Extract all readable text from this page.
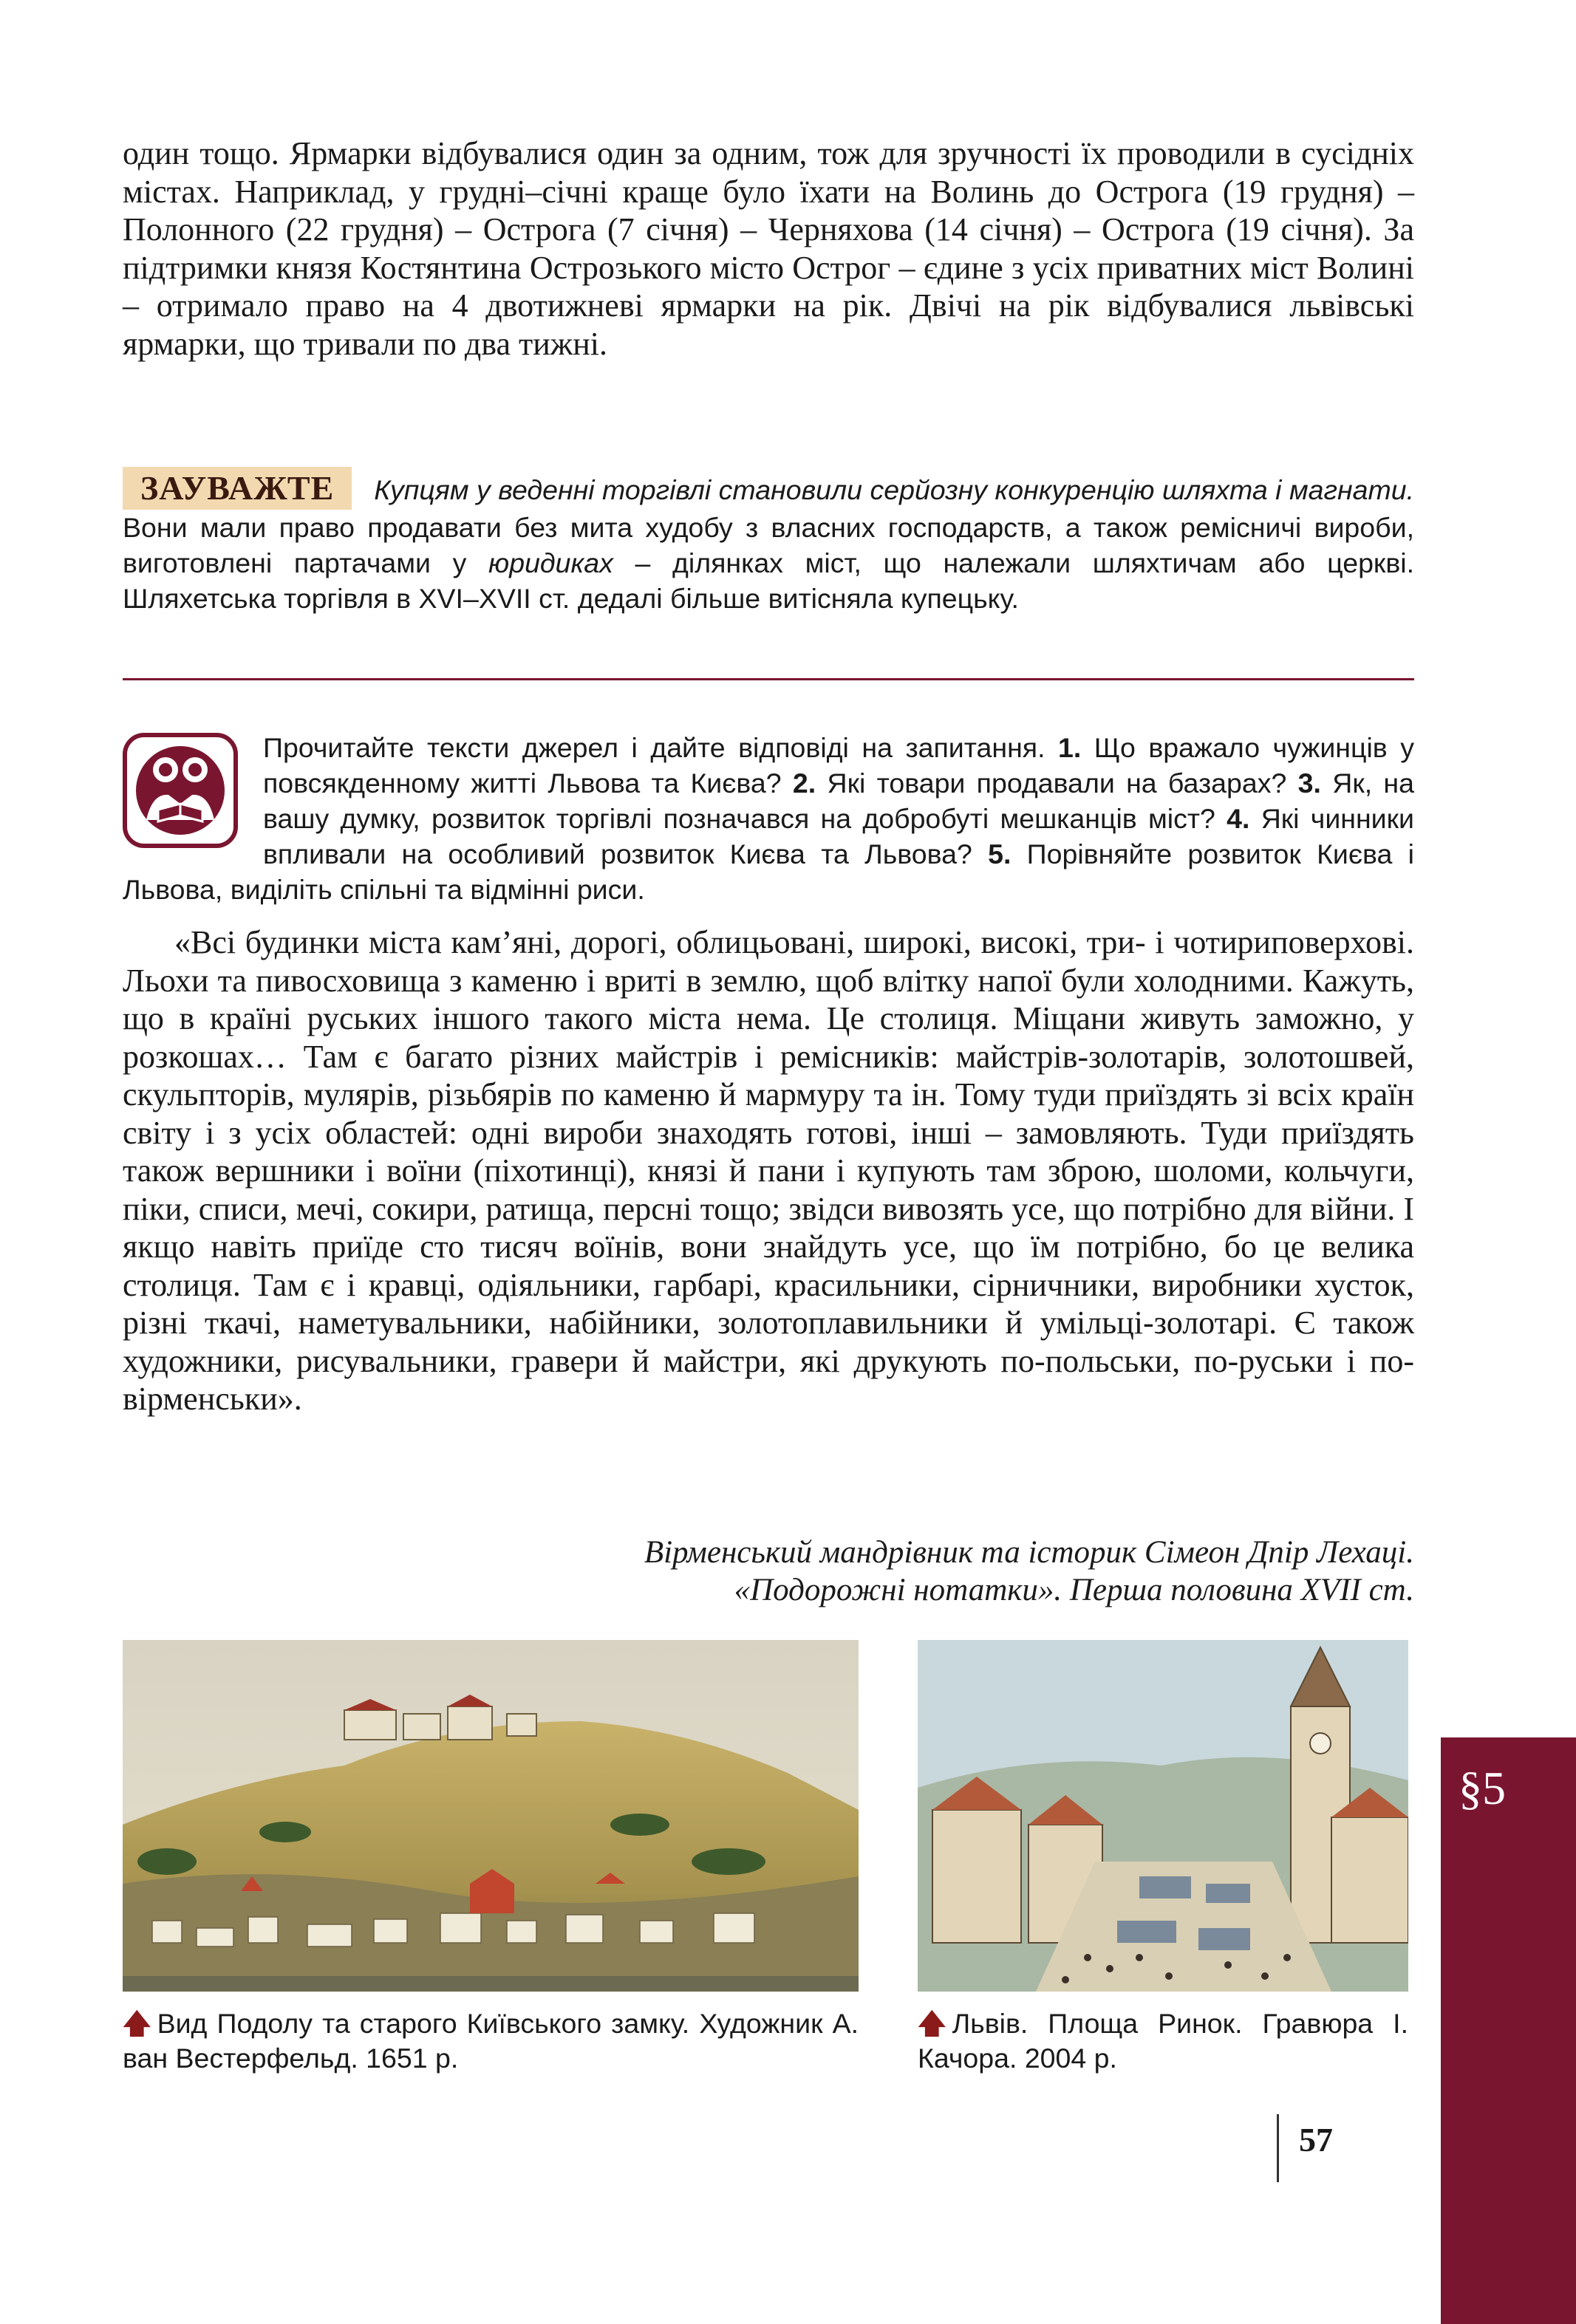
один тощо. Ярмарки відбувалися один за одним, тож для зручності їх проводили в сусідніх містах. Наприклад, у грудні–січні краще було їхати на Волинь до Острога (19 грудня) – Полонного (22 грудня) – Острога (7 січня) – Черняхова (14 січня) – Острога (19 січня). За підтримки князя Костянтина Острозького місто Острог – єдине з усіх приватних міст Волині – отримало право на 4 двотижневі ярмарки на рік. Двічі на рік відбувалися львівські ярмарки, що тривали по два тижні.

ЗАУВАЖТЕ Купцям у веденні торгівлі становили серйозну конкуренцію шляхта і магнати. Вони мали право продавати без мита худобу з власних господарств, а також ремісничі вироби, виготовлені партачами у юридиках – ділянках міст, що належали шляхтичам або церкві. Шляхетська торгівля в XVI–XVII ст. дедалі більше витісняла купецьку.
Прочитайте тексти джерел і дайте відповіді на запитання. 1. Що вражало чужинців у повсякденному житті Львова та Києва? 2. Які товари продавали на базарах? 3. Як, на вашу думку, розвиток торгівлі позначався на добробуті мешканців міст? 4. Які чинники впливали на особливий розвиток Києва та Львова? 5. Порівняйте розвиток Києва і Львова, виділіть спільні та відмінні риси.

«Всі будинки міста кам’яні, дорогі, облицьовані, широкі, високі, три- і чотириповерхові. Льохи та пивосховища з каменю і вриті в землю, щоб влітку напої були холодними. Кажуть, що в країні руських іншого такого міста нема. Це столиця. Міщани живуть заможно, у розкошах… Там є багато різних майстрів і ремісників: майстрів-золотарів, золотошвей, скульпторів, мулярів, різьбярів по каменю й мармуру та ін. Тому туди приїздять зі всіх країн світу і з усіх областей: одні вироби знаходять готові, інші – замовляють. Туди приїздять також вершники і воїни (піхотинці), князі й пани і купують там зброю, шоломи, кольчуги, піки, списи, мечі, сокири, ратища, персні тощо; звідси вивозять усе, що потрібно для війни. І якщо навіть приїде сто тисяч воїнів, вони знайдуть усе, що їм потрібно, бо це велика столиця. Там є і кравці, одіяльники, гарбарі, красильники, сірничники, виробники хусток, різні ткачі, наметувальники, набійники, золотоплавильники й умільці-золотарі. Є також художники, рисувальники, гравери й майстри, які друкують по-польськи, по-руськи і по-вірменськи».

Вірменський мандрівник та історик Сімеон Дпір Лехаці.
«Подорожні нотатки». Перша половина XVII ст.
🡅 Вид Подолу та старого Київського замку. Художник А. ван Вестерфельд. 1651 р.
🡅 Львів. Площа Ринок. Гравюра І. Качора. 2004 р.
57
§5
